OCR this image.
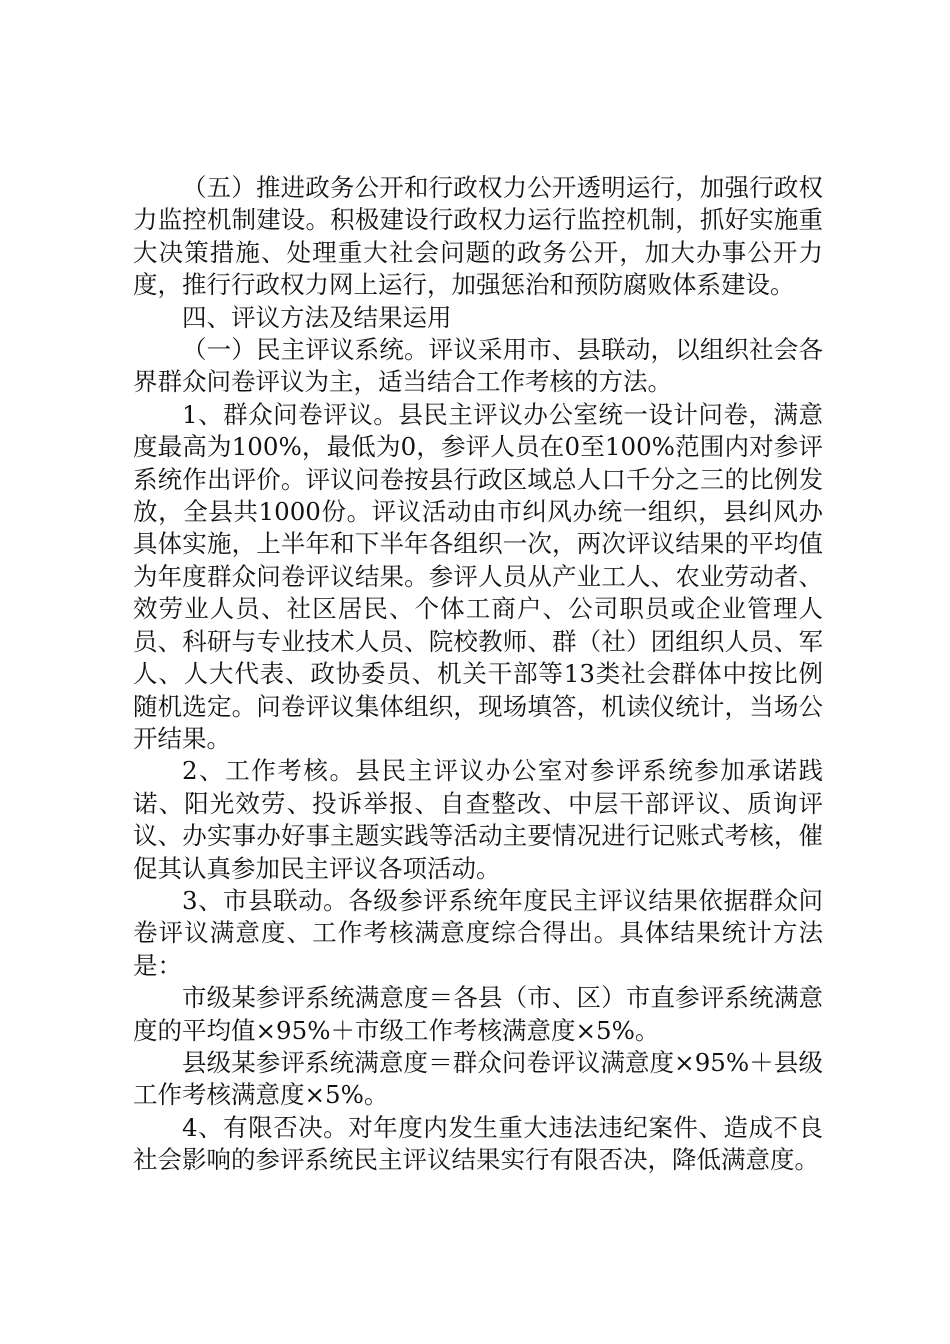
（五）推进政务公开和行政权力公开透明运行，加强行政权力监控机制建设。积极建设行政权力运行监控机制，抓好实施重大决策措施、处理重大社会问题的政务公开，加大办事公开力度，推行行政权力网上运行，加强惩治和预防腐败体系建设。

四、评议方法及结果运用

（一）民主评议系统。评议采用市、县联动，以组织社会各界群众问卷评议为主，适当结合工作考核的方法。

1、群众问卷评议。县民主评议办公室统一设计问卷，满意度最高为100%，最低为0，参评人员在0至100%范围内对参评系统作出评价。评议问卷按县行政区域总人口千分之三的比例发放，全县共1000份。评议活动由市纠风办统一组织，县纠风办具体实施，上半年和下半年各组织一次，两次评议结果的平均值为年度群众问卷评议结果。参评人员从产业工人、农业劳动者、效劳业人员、社区居民、个体工商户、公司职员或企业管理人员、科研与专业技术人员、院校教师、群（社）团组织人员、军人、人大代表、政协委员、机关干部等13类社会群体中按比例随机选定。问卷评议集体组织，现场填答，机读仪统计，当场公开结果。

2、工作考核。县民主评议办公室对参评系统参加承诺践诺、阳光效劳、投诉举报、自查整改、中层干部评议、质询评议、办实事办好事主题实践等活动主要情况进行记账式考核，催促其认真参加民主评议各项活动。

3、市县联动。各级参评系统年度民主评议结果依据群众问卷评议满意度、工作考核满意度综合得出。具体结果统计方法是：

市级某参评系统满意度＝各县（市、区）市直参评系统满意度的平均值×95%＋市级工作考核满意度×5%。

县级某参评系统满意度＝群众问卷评议满意度×95%＋县级工作考核满意度×5%。

4、有限否决。对年度内发生重大违法违纪案件、造成不良社会影响的参评系统民主评议结果实行有限否决，降低满意度。
